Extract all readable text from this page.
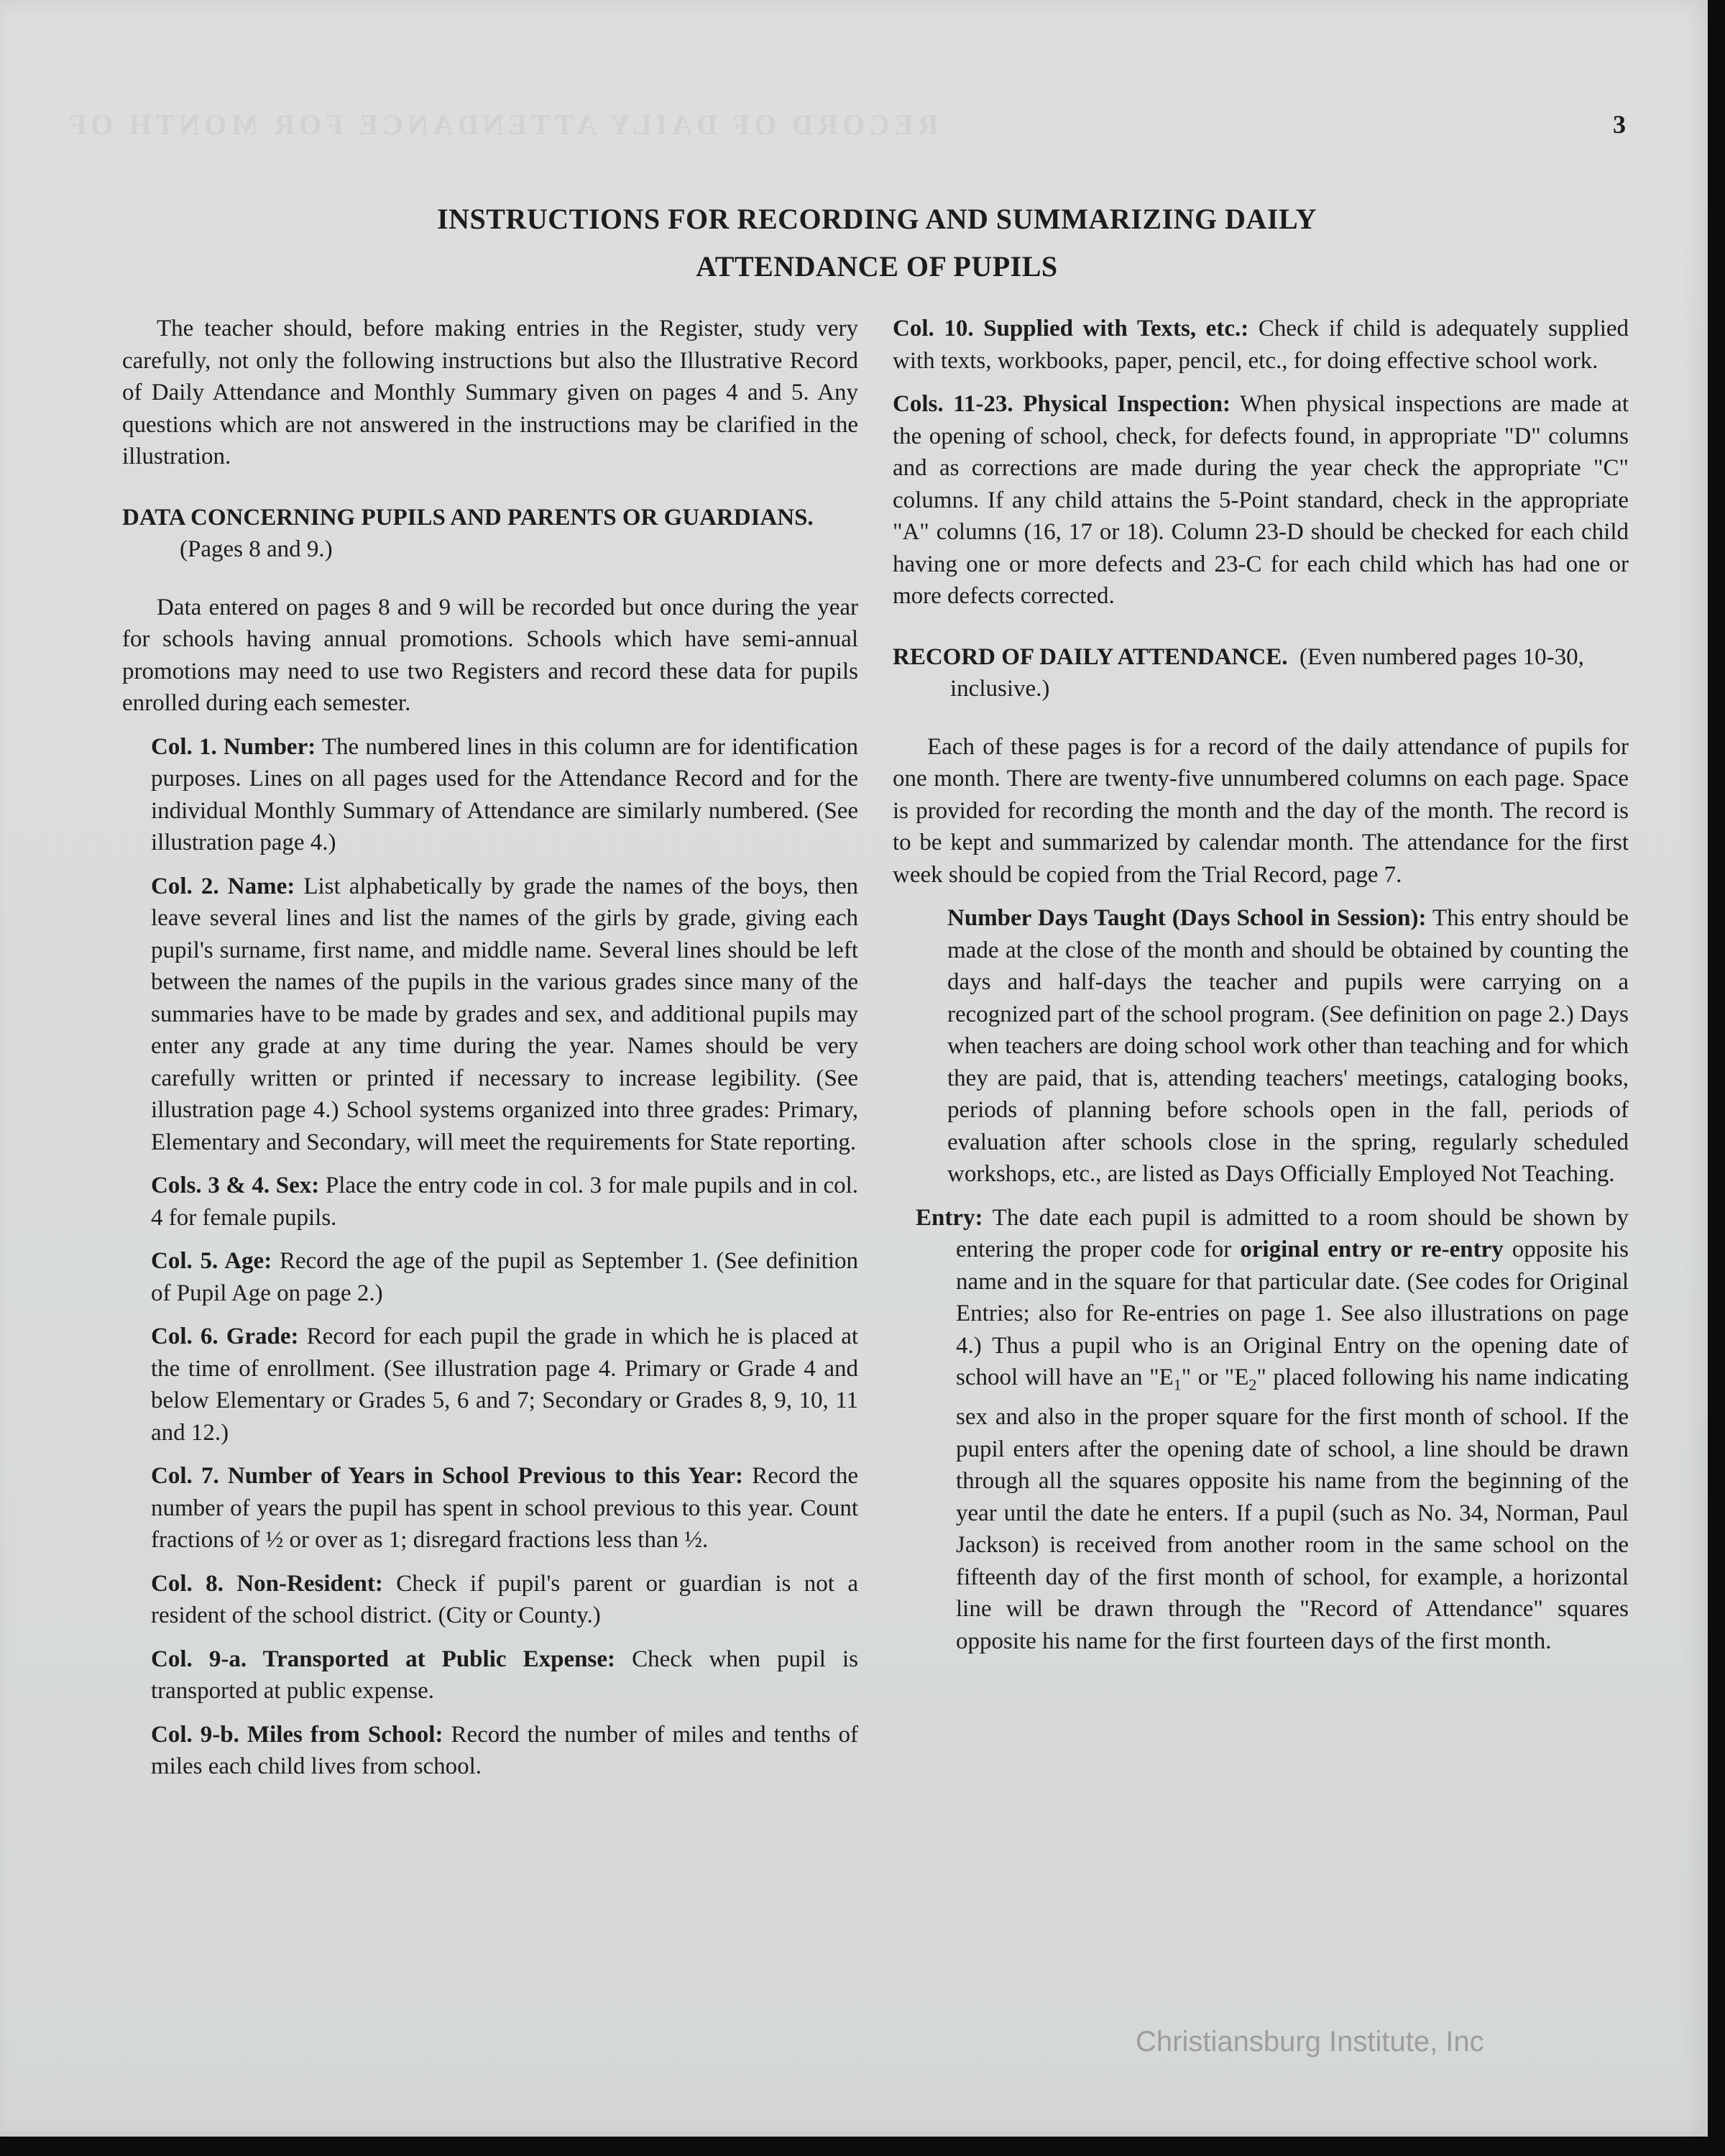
RECORD OF DAILY ATTENDANCE FOR MONTH OF	3
INSTRUCTIONS FOR RECORDING AND SUMMARIZING DAILY
ATTENDANCE OF PUPILS

The teacher should, before making entries in the Register, study very carefully, not only the following instructions but also the Illustrative Record of Daily Attendance and Monthly Summary given on pages 4 and 5. Any questions which are not answered in the instructions may be clarified in the illustration.

DATA CONCERNING PUPILS AND PARENTS OR GUARDIANS.  (Pages 8 and 9.)

Data entered on pages 8 and 9 will be recorded but once during the year for schools having annual promotions. Schools which have semi-annual promotions may need to use two Registers and record these data for pupils enrolled during each semester.

Col. 1. Number: The numbered lines in this column are for identification purposes. Lines on all pages used for the Attendance Record and for the individual Monthly Summary of Attendance are similarly numbered. (See illustration page 4.)

Col. 2. Name: List alphabetically by grade the names of the boys, then leave several lines and list the names of the girls by grade, giving each pupil's surname, first name, and middle name. Several lines should be left between the names of the pupils in the various grades since many of the summaries have to be made by grades and sex, and additional pupils may enter any grade at any time during the year. Names should be very carefully written or printed if necessary to increase legibility. (See illustration page 4.) School systems organized into three grades: Primary, Elementary and Secondary, will meet the requirements for State reporting.

Cols. 3 & 4. Sex: Place the entry code in col. 3 for male pupils and in col. 4 for female pupils.

Col. 5. Age: Record the age of the pupil as September 1. (See definition of Pupil Age on page 2.)

Col. 6. Grade: Record for each pupil the grade in which he is placed at the time of enrollment. (See illustration page 4. Primary or Grade 4 and below Elementary or Grades 5, 6 and 7; Secondary or Grades 8, 9, 10, 11 and 12.)

Col. 7. Number of Years in School Previous to this Year: Record the number of years the pupil has spent in school previous to this year. Count fractions of ½ or over as 1; disregard fractions less than ½.

Col. 8. Non-Resident: Check if pupil's parent or guardian is not a resident of the school district. (City or County.)

Col. 9-a. Transported at Public Expense: Check when pupil is transported at public expense.

Col. 9-b. Miles from School: Record the number of miles and tenths of miles each child lives from school.

Col. 10. Supplied with Texts, etc.: Check if child is adequately supplied with texts, workbooks, paper, pencil, etc., for doing effective school work.

Cols. 11-23. Physical Inspection: When physical inspections are made at the opening of school, check, for defects found, in appropriate "D" columns and as corrections are made during the year check the appropriate "C" columns. If any child attains the 5-Point standard, check in the appropriate "A" columns (16, 17 or 18). Column 23-D should be checked for each child having one or more defects and 23-C for each child which has had one or more defects corrected.

RECORD OF DAILY ATTENDANCE. (Even numbered pages 10-30, inclusive.)

Each of these pages is for a record of the daily attendance of pupils for one month. There are twenty-five unnumbered columns on each page. Space is provided for recording the month and the day of the month. The record is to be kept and summarized by calendar month. The attendance for the first week should be copied from the Trial Record, page 7.

Number Days Taught (Days School in Session): This entry should be made at the close of the month and should be obtained by counting the days and half-days the teacher and pupils were carrying on a recognized part of the school program. (See definition on page 2.) Days when teachers are doing school work other than teaching and for which they are paid, that is, attending teachers' meetings, cataloging books, periods of planning before schools open in the fall, periods of evaluation after schools close in the spring, regularly scheduled workshops, etc., are listed as Days Officially Employed Not Teaching.

Entry: The date each pupil is admitted to a room should be shown by entering the proper code for original entry or re-entry opposite his name and in the square for that particular date. (See codes for Original Entries; also for Re-entries on page 1. See also illustrations on page 4.) Thus a pupil who is an Original Entry on the opening date of school will have an "$E_1$" or "$E_2$" placed following his name indicating sex and also in the proper square for the first month of school. If the pupil enters after the opening date of school, a line should be drawn through all the squares opposite his name from the beginning of the year until the date he enters. If a pupil (such as No. 34, Norman, Paul Jackson) is received from another room in the same school on the fifteenth day of the first month of school, for example, a horizontal line will be drawn through the "Record of Attendance" squares opposite his name for the first fourteen days of the first month.

Christiansburg Institute, Inc
